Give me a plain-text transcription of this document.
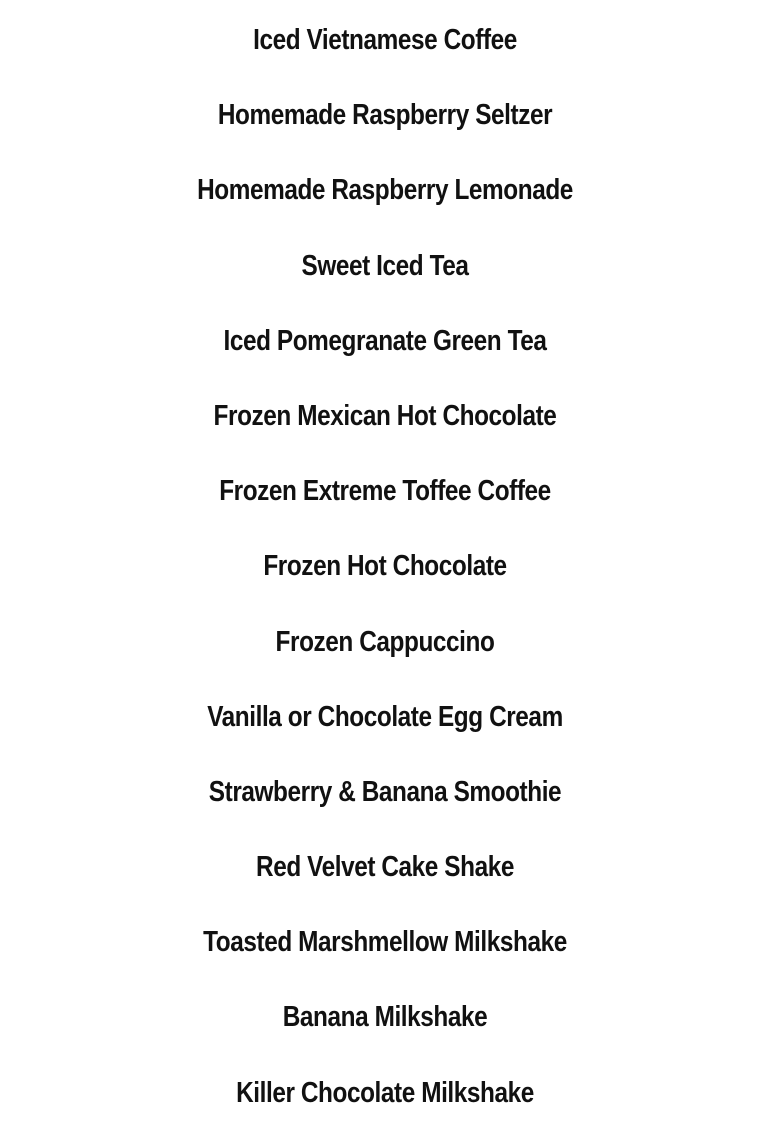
Iced Vietnamese Coffee
Homemade Raspberry Seltzer
Homemade Raspberry Lemonade
Sweet Iced Tea
Iced Pomegranate Green Tea
Frozen Mexican Hot Chocolate
Frozen Extreme Toffee Coffee
Frozen Hot Chocolate
Frozen Cappuccino
Vanilla or Chocolate Egg Cream
Strawberry & Banana Smoothie
Red Velvet Cake Shake
Toasted Marshmellow Milkshake
Banana Milkshake
Killer Chocolate Milkshake
